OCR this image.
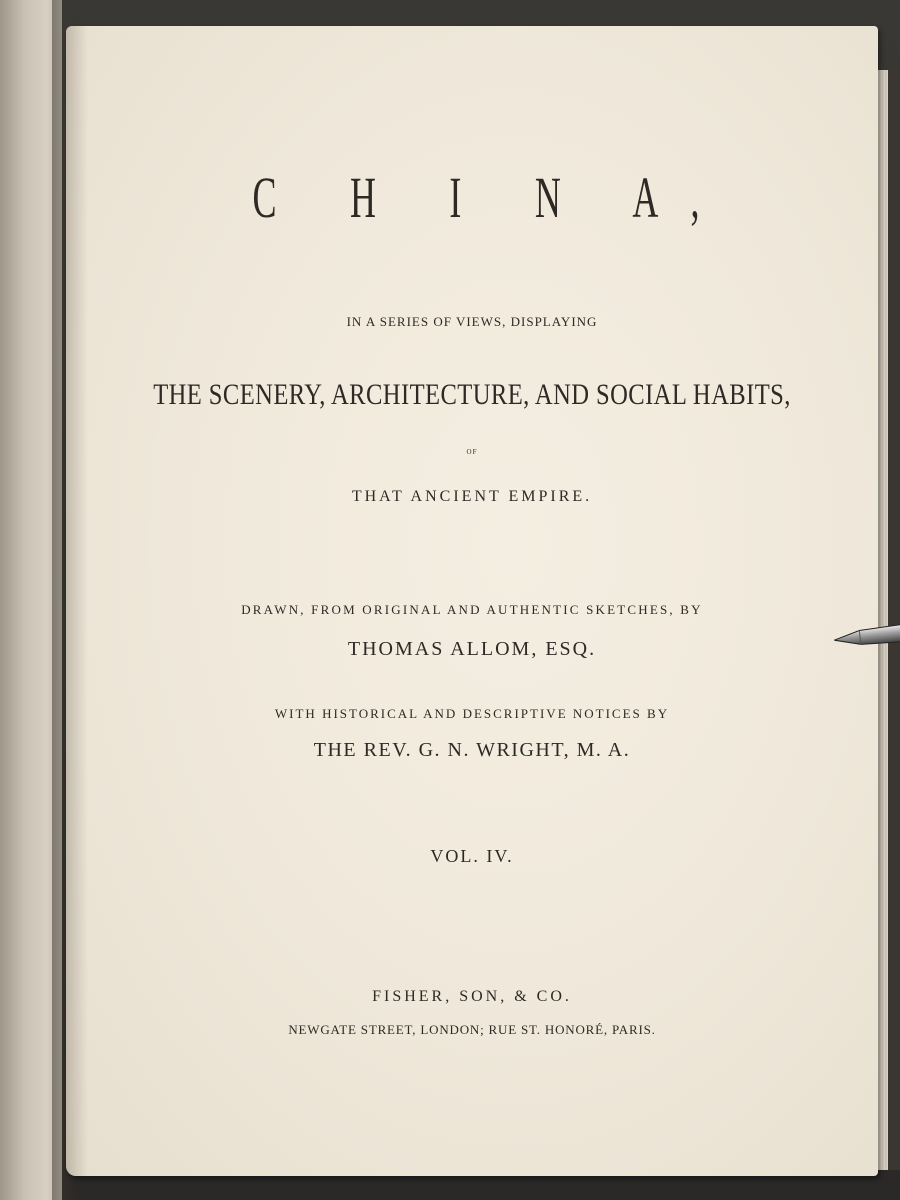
C H I N A,
IN A SERIES OF VIEWS, DISPLAYING
THE SCENERY, ARCHITECTURE, AND SOCIAL HABITS,
OF
THAT ANCIENT EMPIRE.
DRAWN, FROM ORIGINAL AND AUTHENTIC SKETCHES, BY
THOMAS ALLOM, ESQ.
WITH HISTORICAL AND DESCRIPTIVE NOTICES BY
THE REV. G. N. WRIGHT, M. A.
VOL. IV.
FISHER, SON, & CO.
NEWGATE STREET, LONDON; RUE ST. HONORÉ, PARIS.
